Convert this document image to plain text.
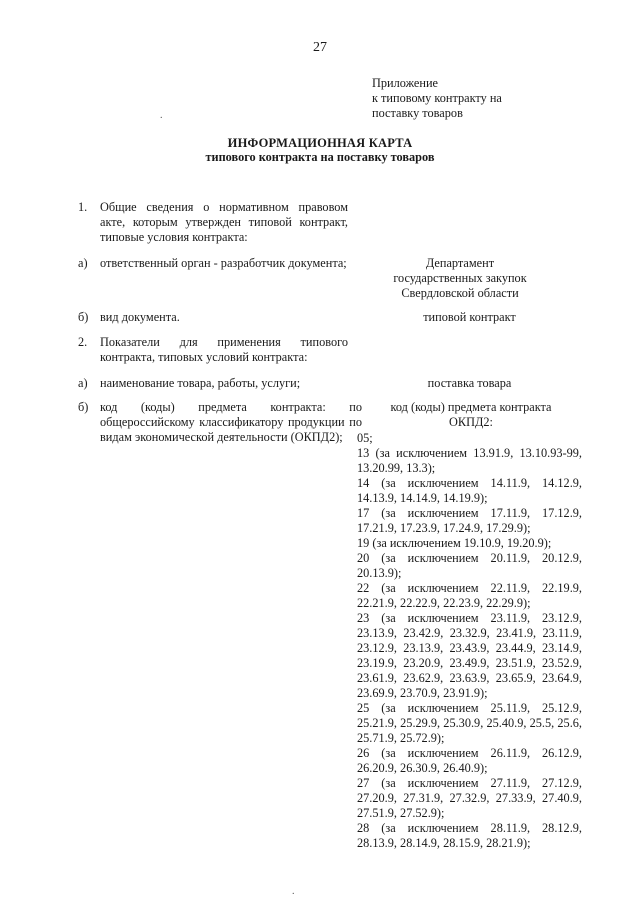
27
Приложение
к типовому контракту на
поставку товаров
.
ИНФОРМАЦИОННАЯ КАРТА
типового контракта на поставку товаров
1. Общие сведения о нормативном правовом акте, которым утвержден типовой контракт, типовые условия контракта:
а) ответственный орган - разработчик документа;	Департамент государственных закупок Свердловской области
б) вид документа.	типовой контракт
2. Показатели для применения типового контракта, типовых условий контракта:
а) наименование товара, работы, услуги;	поставка товара
б) код (коды) предмета контракта: по общероссийскому классификатору продукции по видам экономической деятельности (ОКПД2);
код (коды) предмета контракта ОКПД2:
05;
13 (за исключением 13.91.9, 13.10.93-99, 13.20.99, 13.3);
14 (за исключением 14.11.9, 14.12.9, 14.13.9, 14.14.9, 14.19.9);
17 (за исключением 17.11.9, 17.12.9, 17.21.9, 17.23.9, 17.24.9, 17.29.9);
19 (за исключением 19.10.9, 19.20.9);
20 (за исключением 20.11.9, 20.12.9, 20.13.9);
22 (за исключением 22.11.9, 22.19.9, 22.21.9, 22.22.9, 22.23.9, 22.29.9);
23 (за исключением 23.11.9, 23.12.9, 23.13.9, 23.42.9, 23.32.9, 23.41.9, 23.11.9, 23.12.9, 23.13.9, 23.43.9, 23.44.9, 23.14.9, 23.19.9, 23.20.9, 23.49.9, 23.51.9, 23.52.9, 23.61.9, 23.62.9, 23.63.9, 23.65.9, 23.64.9, 23.69.9, 23.70.9, 23.91.9);
25 (за исключением 25.11.9, 25.12.9, 25.21.9, 25.29.9, 25.30.9, 25.40.9, 25.5, 25.6, 25.71.9, 25.72.9);
26 (за исключением 26.11.9, 26.12.9, 26.20.9, 26.30.9, 26.40.9);
27 (за исключением 27.11.9, 27.12.9, 27.20.9, 27.31.9, 27.32.9, 27.33.9, 27.40.9, 27.51.9, 27.52.9);
28 (за исключением 28.11.9, 28.12.9, 28.13.9, 28.14.9, 28.15.9, 28.21.9);
.
